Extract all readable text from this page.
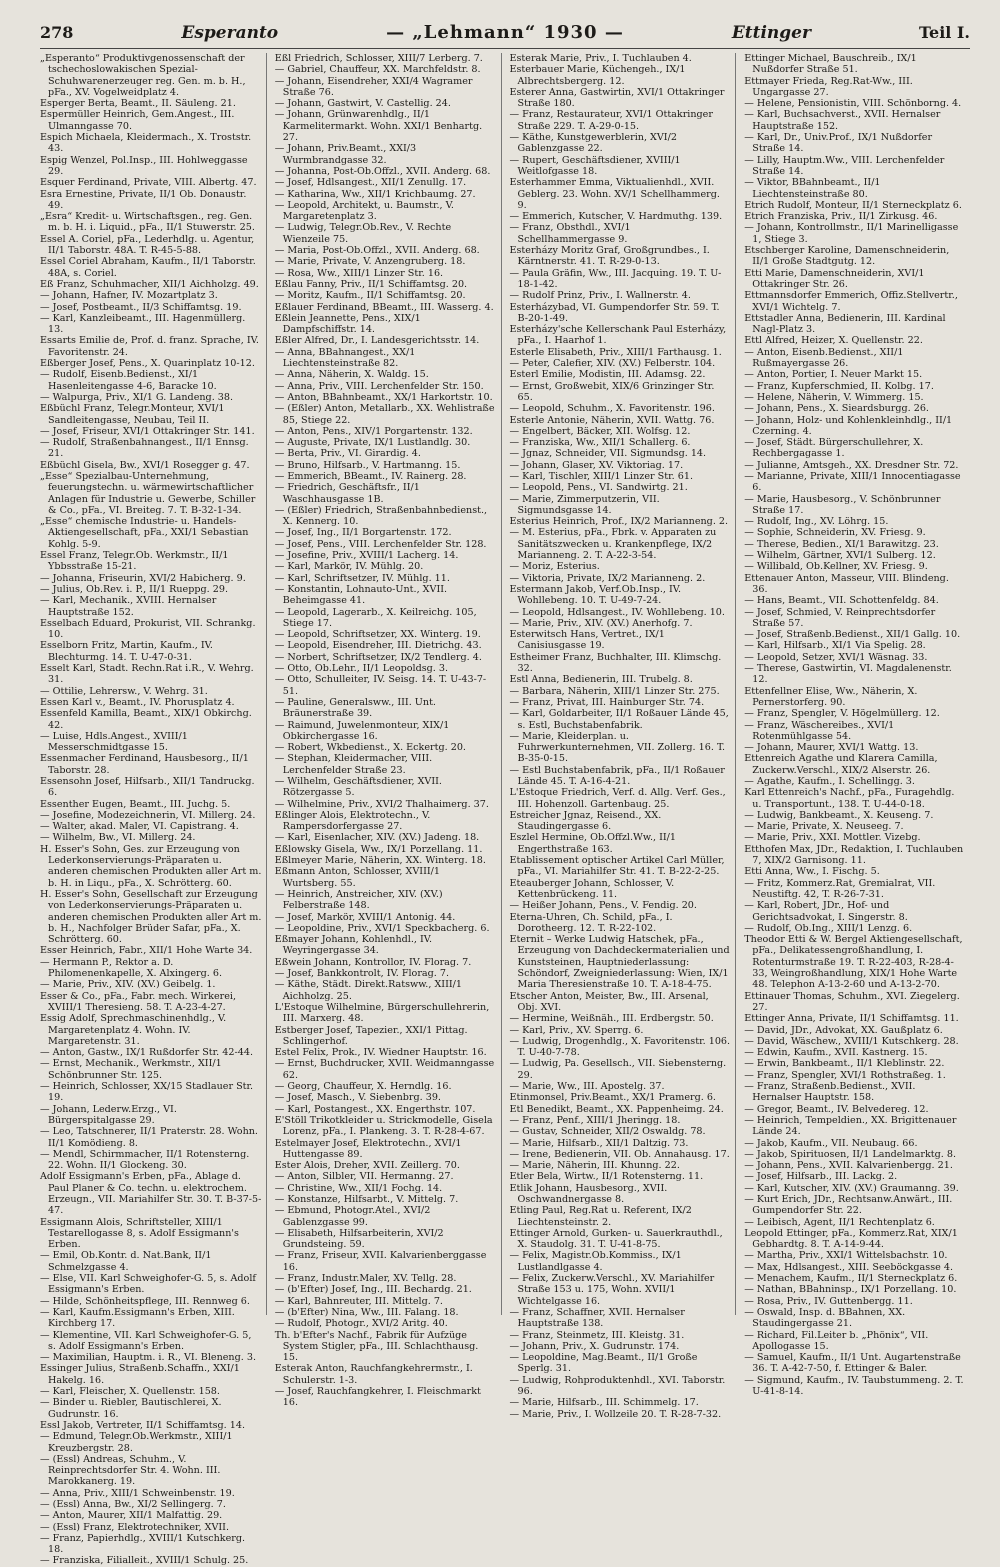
278	Esperanto	— „Lehmann“ 1930 —	Ettinger	Teil I.

„Esperanto“ Produktivgenossenschaft der tschechoslowakischen Spezial-Schuhwarenerzeuger reg. Gen. m. b. H., pFa., XV. Vogelweidplatz 4.

Esperger Berta, Beamt., II. Säuleng. 21.

Espermüller Heinrich, Gem.Angest., III. Ulmanngasse 70.

Espich Michaela, Kleidermach., X. Troststr. 43.

Espig Wenzel, Pol.Insp., III. Hohlweggasse 29.

Esquer Ferdinand, Private, VIII. Albertg. 47.

Esra Ernestine, Private, II/1 Ob. Donaustr. 49.

„Esra“ Kredit- u. Wirtschaftsgen., reg. Gen. m. b. H. i. Liquid., pFa., II/1 Stuwerstr. 25.

Essel A. Coriel, pFa., Lederhdlg. u. Agentur, II/1 Taborstr. 48A. T. R-45-5-88.

Essel Coriel Abraham, Kaufm., II/1 Taborstr. 48A, s. Coriel.

Eß Franz, Schuhmacher, XII/1 Aichholzg. 49.

— Johann, Hafner, IV. Mozartplatz 3.

— Josef, Postbeamt., II/3 Schiffamtsg. 19.

— Karl, Kanzleibeamt., III. Hagenmüllerg. 13.

Essarts Emilie de, Prof. d. franz. Sprache, IV. Favoritenstr. 24.

Eßberger Josef, Pens., X. Quarinplatz 10-12.

— Rudolf, Eisenb.Bedienst., XI/1 Hasenleitengasse 4-6, Baracke 10.

— Walpurga, Priv., XI/1 G. Landeng. 38.

Eßbüchl Franz, Telegr.Monteur, XVI/1 Sandleitengasse, Neubau, Teil II.

— Josef, Friseur, XVI/1 Ottakringer Str. 141.

— Rudolf, Straßenbahnangest., II/1 Ennsg. 21.

Eßbüchl Gisela, Bw., XVI/1 Rosegger g. 47.

„Esse“ Spezialbau-Unternehmung, feuerungstechn. u. wärmewirtschaftlicher Anlagen für Industrie u. Gewerbe, Schiller & Co., pFa., VI. Breiteg. 7. T. B-32-1-34.

„Esse“ chemische Industrie- u. Handels-Aktiengesellschaft, pFa., XXI/1 Sebastian Kohlg. 5-9.

Essel Franz, Telegr.Ob. Werkmstr., II/1 Ybbsstraße 15-21.

— Johanna, Friseurin, XVI/2 Habicherg. 9.

— Julius, Ob.Rev. i. P., II/1 Rueppg. 29.

— Karl, Mechanik., XVIII. Hernalser Hauptstraße 152.

Esselbach Eduard, Prokurist, VII. Schrankg. 10.

Esselborn Fritz, Martin, Kaufm., IV. Blechturmg. 14. T. U-47-0-31.

Esselt Karl, Stadt. Rechn.Rat i.R., V. Wehrg. 31.

— Ottilie, Lehrersw., V. Wehrg. 31.

Essen Karl v., Beamt., IV. Phorusplatz 4.

Essenfeld Kamilla, Beamt., XIX/1 Obkirchg. 42.

— Luise, Hdls.Angest., XVIII/1 Messerschmidtgasse 15.

Essenmacher Ferdinand, Hausbesorg., II/1 Taborstr. 28.

Essensohn Josef, Hilfsarb., XII/1 Tandruckg. 6.

Essenther Eugen, Beamt., III. Juchg. 5.

— Josefine, Modezeichnerin, VI. Millerg. 24.

— Walter, akad. Maler, VI. Capistrang. 4.

— Wilhelm, Bw., VI. Millerg. 24.

H. Esser's Sohn, Ges. zur Erzeugung von Lederkonservierungs-Präparaten u. anderen chemischen Produkten aller Art m. b. H. in Liqu., pFa., X. Schrötterg. 60.

H. Esser's Sohn, Gesellschaft zur Erzeugung von Lederkonservierungs-Präparaten u. anderen chemischen Produkten aller Art m. b. H., Nachfolger Brüder Safar, pFa., X. Schrötterg. 60.

Esser Heinrich, Fabr., XII/1 Hohe Warte 34.

— Hermann P., Rektor a. D. Philomenenkapelle, X. Alxingerg. 6.

— Marie, Priv., XIV. (XV.) Geibelg. 1.

Esser & Co., pFa., Fabr. mech. Wirkerei, XVIII/1 Theresieng. 58. T. A-23-4-27.

Essig Adolf, Sprechmaschinenhdlg., V. Margaretenplatz 4. Wohn. IV. Margaretenstr. 31.

— Anton, Gastw., IX/1 Rußdorfer Str. 42-44.

— Ernst, Mechanik., Werkmstr., XII/1 Schönbrunner Str. 125.

— Heinrich, Schlosser, XX/15 Stadlauer Str. 19.

— Johann, Lederw.Erzg., VI. Bürgerspitalgasse 29.

— Leo, Tatschnerer, II/1 Praterstr. 28. Wohn. II/1 Komödieng. 8.

— Mendl, Schirmmacher, II/1 Rotensterng. 22. Wohn. II/1 Glockeng. 30.

Adolf Essigmann's Erben, pFa., Ablage d. Paul Planer & Co. techn. u. elektrochem. Erzeugn., VII. Mariahilfer Str. 30. T. B-37-5-47.

Essigmann Alois, Schriftsteller, XIII/1 Testarellogasse 8, s. Adolf Essigmann's Erben.

— Emil, Ob.Kontr. d. Nat.Bank, II/1 Schmelzgasse 4.

— Else, VII. Karl Schweighofer-G. 5, s. Adolf Essigmann's Erben.

— Hilde, Schönheitspflege, III. Rennweg 6.

— Karl, Kaufm.Essigmann's Erben, XIII. Kirchberg 17.

— Klementine, VII. Karl Schweighofer-G. 5, s. Adolf Essigmann's Erben.

— Maximilian, Hauptm. i. R., VI. Bleneng. 3.

Essinger Julius, Straßenb.Schaffn., XXI/1 Hakelg. 16.

— Karl, Fleischer, X. Quellenstr. 158.

— Binder u. Riebler, Bautischlerei, X. Gudrunstr. 16.

Essl Jakob, Vertreter, II/1 Schiffamtsg. 14.

— Edmund, Telegr.Ob.Werkmstr., XIII/1 Kreuzbergstr. 28.

— (Essl) Andreas, Schuhm., V. Reinprechtsdorfer Str. 4. Wohn. III. Marokkanerg. 19.

— Anna, Priv., XIII/1 Schweinbenstr. 19.

— (Essl) Anna, Bw., XI/2 Sellingerg. 7.

— Anton, Maurer, XII/1 Malfattig. 29.

— (Essl) Franz, Elektrotechniker, XVII.

— Franz, Papierhdlg., XVIII/1 Kutschkerg. 18.

— Franziska, Filialleit., XVIII/1 Schulg. 25.

Eßl Friedrich, Schlosser, XIII/7 Lerberg. 7.

— Gabriel, Chauffeur, XX. Marchfeldstr. 8.

— Johann, Eisendreher, XXI/4 Wagramer Straße 76.

— Johann, Gastwirt, V. Castellig. 24.

— Johann, Grünwarenhdlg., II/1 Karmelitermarkt. Wohn. XXI/1 Benhartg. 27.

— Johann, Priv.Beamt., XXI/3 Wurmbrandgasse 32.

— Johanna, Post-Ob.Offzl., XVII. Anderg. 68.

— Josef, Hdlsangest., XII/1 Zenullg. 17.

— Katharina, Ww., XII/1 Krichbaumg. 27.

— Leopold, Architekt, u. Baumstr., V. Margaretenplatz 3.

— Ludwig, Telegr.Ob.Rev., V. Rechte Wienzeile 75.

— Maria, Post-Ob.Offzl., XVII. Anderg. 68.

— Marie, Private, V. Anzengruberg. 18.

— Rosa, Ww., XIII/1 Linzer Str. 16.

Eßlau Fanny, Priv., II/1 Schiffamtsg. 20.

— Moritz, Kaufm., II/1 Schiffamtsg. 20.

Eßlauer Ferdinand, BBeamt., III. Wasserg. 4.

Eßlein Jeannette, Pens., XIX/1 Dampfschiffstr. 14.

Eßler Alfred, Dr., I. Landesgerichtsstr. 14.

— Anna, BBahnangest., XX/1 Liechtensteinstraße 82.

— Anna, Näherin, X. Waldg. 15.

— Anna, Priv., VIII. Lerchenfelder Str. 150.

— Anton, BBahnbeamt., XX/1 Harkortstr. 10.

— (Eßler) Anton, Metallarb., XX. Wehlistraße 85, Stiege 22.

— Anton, Pens., XIV/1 Porgartenstr. 132.

— Auguste, Private, IX/1 Lustlandlg. 30.

— Berta, Priv., VI. Girardig. 4.

— Bruno, Hilfsarb., V. Hartmanng. 15.

— Emmerich, BBeamt., IV. Rainerg. 28.

— Friedrich, Geschäftsfr., II/1 Waschhausgasse 1B.

— (Eßler) Friedrich, Straßenbahnbedienst., X. Kennerg. 10.

— Josef, Ing., II/1 Borgartenstr. 172.

— Josef, Pens., VIII. Lerchenfelder Str. 128.

— Josefine, Priv., XVIII/1 Lacherg. 14.

— Karl, Markör, IV. Mühlg. 20.

— Karl, Schriftsetzer, IV. Mühlg. 11.

— Konstantin, Lohnauto-Unt., XVII. Beheimgasse 41.

— Leopold, Lagerarb., X. Keilreichg. 105, Stiege 17.

— Leopold, Schriftsetzer, XX. Winterg. 19.

— Leopold, Eisendreher, III. Dietrichg. 43.

— Norbert, Schriftsetzer, IX/2 Tendlerg. 4.

— Otto, Ob.Lehr., II/1 Leopoldsg. 3.

— Otto, Schulleiter, IV. Seisg. 14. T. U-43-7-51.

— Pauline, Generalsww., III. Unt. Bräunerstraße 39.

— Raimund, Juwelenmonteur, XIX/1 Obkirchergasse 16.

— Robert, Wkbedienst., X. Eckertg. 20.

— Stephan, Kleidermacher, VIII. Lerchenfelder Straße 23.

— Wilhelm, Geschäftsdiener, XVII. Rötzergasse 5.

— Wilhelmine, Priv., XVI/2 Thalhaimerg. 37.

Eßlinger Alois, Elektrotechn., V. Rampersdorfergasse 27.

— Karl, Eisenlacher, XIV. (XV.) Jadeng. 18.

Eßlowsky Gisela, Ww., IX/1 Porzellang. 11.

Eßlmeyer Marie, Näherin, XX. Winterg. 18.

Eßmann Anton, Schlosser, XVIII/1 Wurtsberg. 55.

— Heinrich, Anstreicher, XIV. (XV.) Felberstraße 148.

— Josef, Markör, XVIII/1 Antonig. 44.

— Leopoldine, Priv., XVI/1 Speckbacherg. 6.

Eßmayer Johann, Kohlenhdl., IV. Weyringergasse 34.

Eßwein Johann, Kontrollor, IV. Florag. 7.

— Josef, Bankkontrolt, IV. Florag. 7.

— Käthe, Städt. Direkt.Ratsww., XIII/1 Aichholzg. 25.

L'Estoque Wilhelmine, Bürgerschullehrerin, III. Marxerg. 48.

Estberger Josef, Tapezier., XXI/1 Pittag. Schlingerhof.

Estel Felix, Prok., IV. Wiedner Hauptstr. 16.

— Ernst, Buchdrucker, XVII. Weidmanngasse 62.

— Georg, Chauffeur, X. Herndlg. 16.

— Josef, Masch., V. Siebenbrg. 39.

— Karl, Postangest., XX. Engerthstr. 107.

E'Stöll Trikotkleider u. Strickmodelle, Gisela Lorenz, pFa., I. Plankeng. 3. T. R-28-4-67.

Estelmayer Josef, Elektrotechn., XVI/1 Huttengasse 89.

Ester Alois, Dreher, XVII. Zeillerg. 70.

— Anton, Silbler, VII. Hermanng. 27.

— Christine, Ww., XII/1 Fochg. 14.

— Konstanze, Hilfsarbt., V. Mittelg. 7.

— Ebmund, Photogr.Atel., XVI/2 Gablenzgasse 99.

— Elisabeth, Hilfsarbeiterin, XVI/2 Grundsteing. 59.

— Franz, Friseur, XVII. Kalvarienberggasse 16.

— Franz, Industr.Maler, XV. Tellg. 28.

— (b'Efter) Josef, Ing., III. Bechardg. 21.

— Karl, Bahnreuter, III. Mittelg. 7.

— (b'Efter) Nina, Ww., III. Falang. 18.

— Rudolf, Photogr., XVI/2 Aritg. 40.

Th. b'Efter's Nachf., Fabrik für Aufzüge System Stigler, pFa., III. Schlachthausg. 15.

Esterak Anton, Rauchfangkehrermstr., I. Schulerstr. 1-3.

— Josef, Rauchfangkehrer, I. Fleischmarkt 16.

Esterak Marie, Priv., I. Tuchlauben 4.

Esterbauer Marie, Küchengeh., IX/1 Albrechtsbergerg. 12.

Esterer Anna, Gastwirtin, XVI/1 Ottakringer Straße 180.

— Franz, Restaurateur, XVI/1 Ottakringer Straße 229. T. A-29-0-15.

— Käthe, Kunstgewerblerin, XVI/2 Gablenzgasse 22.

— Rupert, Geschäftsdiener, XVIII/1 Weitlofgasse 18.

Esterhammer Emma, Viktualienhdl., XVII. Geblerg. 23. Wohn. XV/1 Schellhammerg. 9.

— Emmerich, Kutscher, V. Hardmuthg. 139.

— Franz, Obsthdl., XVI/1 Schellhammergasse 9.

Esterházy Moritz Graf, Großgrundbes., I. Kärntnerstr. 41. T. R-29-0-13.

— Paula Gräfin, Ww., III. Jacquing. 19. T. U-18-1-42.

— Rudolf Prinz, Priv., I. Wallnerstr. 4.

Esterházybad, VI. Gumpendorfer Str. 59. T. B-20-1-49.

Esterházy'sche Kellerschank Paul Esterházy, pFa., I. Haarhof 1.

Esterle Elisabeth, Priv., XIII/1 Farthausg. 1.

— Peter, Calefier, XIV. (XV.) Felberstr. 104.

Esterl Emilie, Modistin, III. Adamsg. 22.

— Ernst, Großwebit, XIX/6 Grinzinger Str. 65.

— Leopold, Schuhm., X. Favoritenstr. 196.

Esterle Antonie, Näherin, XVII. Wattg. 76.

— Engelbert, Bäcker, XII. Wolfsg. 12.

— Franziska, Ww., XII/1 Schallerg. 6.

— Jgnaz, Schneider, VII. Sigmundsg. 14.

— Johann, Glaser, XV. Viktoriag. 17.

— Karl, Tischler, XIII/1 Linzer Str. 61.

— Leopold, Pens., VI. Sandwirtg. 21.

— Marie, Zimmerputzerin, VII. Sigmundsgasse 14.

Esterius Heinrich, Prof., IX/2 Marianneng. 2.

— M. Esterius, pFa., Fbrk. v. Apparaten zu Sanitätszwecken u. Krankenpflege, IX/2 Marianneng. 2. T. A-22-3-54.

— Moriz, Esterius.

— Viktoria, Private, IX/2 Marianneng. 2.

Estermann Jakob, Verf.Ob.Insp., IV. Wohllebeng. 10. T. U-49-7-24.

— Leopold, Hdlsangest., IV. Wohllebeng. 10.

— Marie, Priv., XIV. (XV.) Anerhofg. 7.

Esterwitsch Hans, Vertret., IX/1 Canisiusgasse 19.

Estheimer Franz, Buchhalter, III. Klimschg. 32.

Estl Anna, Bedienerin, III. Trubelg. 8.

— Barbara, Näherin, XIII/1 Linzer Str. 275.

— Franz, Privat, III. Hainburger Str. 74.

— Karl, Goldarbeiter, II/1 Roßauer Lände 45, s. Estl, Buchstabenfabrik.

— Marie, Kleiderplan. u. Fuhrwerkunternehmen, VII. Zollerg. 16. T. B-35-0-15.

— Estl Buchstabenfabrik, pFa., II/1 Roßauer Lände 45. T. A-16-4-21.

L'Estoque Friedrich, Verf. d. Allg. Verf. Ges., III. Hohenzoll. Gartenbaug. 25.

Estreicher Jgnaz, Reisend., XX. Staudingergasse 6.

Eszlel Hermine, Ob.Offzl.Ww., II/1 Engerthstraße 163.

Etablissement optischer Artikel Carl Müller, pFa., VI. Mariahilfer Str. 41. T. B-22-2-25.

Eteauberger Johann, Schlosser, V. Kettenbrückeng. 11.

— Heißer Johann, Pens., V. Fendig. 20.

Eterna-Uhren, Ch. Schild, pFa., I. Dorotheerg. 12. T. R-22-102.

Eternit – Werke Ludwig Hatschek, pFa., Erzeugung von Dachdeckermaterialien und Kunststeinen, Hauptniederlassung: Schöndorf, Zweigniederlassung: Wien, IX/1 Maria Theresienstraße 10. T. A-18-4-75.

Etscher Anton, Meister, Bw., III. Arsenal, Obj. XVI.

— Hermine, Weißnäh., III. Erdbergstr. 50.

— Karl, Priv., XV. Sperrg. 6.

— Ludwig, Drogenhdlg., X. Favoritenstr. 106. T. U-40-7-78.

— Ludwig, Pa. Gesellsch., VII. Siebensterng. 29.

— Marie, Ww., III. Apostelg. 37.

Etinmonsel, Priv.Beamt., XX/1 Pramerg. 6.

Etl Benedikt, Beamt., XX. Pappenheimg. 24.

— Franz, Penf., XIII/1 Jheringg. 18.

— Gustav, Schneider, XII/2 Oswaldg. 78.

— Marie, Hilfsarb., XII/1 Daltzig. 73.

— Irene, Bedienerin, VII. Ob. Annahausg. 17.

— Marie, Näherin, III. Khunng. 22.

Etler Bela, Wirtw., II/1 Rotensterng. 11.

Etlik Johann, Hausbesorg., XVII. Oschwandnergasse 8.

Etling Paul, Reg.Rat u. Referent, IX/2 Liechtensteinstr. 2.

Ettinger Arnold, Gurken- u. Sauerkrauthdl., X. Staudolg. 31. T. U-41-8-75.

— Felix, Magistr.Ob.Kommiss., IX/1 Lustlandlgasse 4.

— Felix, Zuckerw.Verschl., XV. Mariahilfer Straße 153 u. 175, Wohn. XVII/1 Wichtelgasse 16.

— Franz, Schaffner, XVII. Hernalser Hauptstraße 138.

— Franz, Steinmetz, III. Kleistg. 31.

— Johann, Priv., X. Gudrunstr. 174.

— Leopoldine, Mag.Beamt., II/1 Große Sperlg. 31.

— Ludwig, Rohproduktenhdl., XVI. Taborstr. 96.

— Marie, Hilfsarb., III. Schimmelg. 17.

— Marie, Priv., I. Wollzeile 20. T. R-28-7-32.

Ettinger Michael, Bauschreib., IX/1 Nußdorfer Straße 51.

Ettmayer Frieda, Reg.Rat-Ww., III. Ungargasse 27.

— Helene, Pensionistin, VIII. Schönborng. 4.

— Karl, Buchsachverst., XVII. Hernalser Hauptstraße 152.

— Karl, Dr., Univ.Prof., IX/1 Nußdorfer Straße 14.

— Lilly, Hauptm.Ww., VIII. Lerchenfelder Straße 14.

— Viktor, BBahnbeamt., II/1 Liechtensteinstraße 80.

Etrich Rudolf, Monteur, II/1 Sterneckplatz 6.

Etrich Franziska, Priv., II/1 Zirkusg. 46.

— Johann, Kontrollmstr., II/1 Marinelligasse 1, Stiege 3.

Etschberger Karoline, Damenschneiderin, II/1 Große Stadtgutg. 12.

Etti Marie, Damenschneiderin, XVI/1 Ottakringer Str. 26.

Ettmannsdorfer Emmerich, Offiz.Stellvertr., XVI/1 Wichtelg. 7.

Ettstadler Anna, Bedienerin, III. Kardinal Nagl-Platz 3.

Ettl Alfred, Heizer, X. Quellenstr. 22.

— Anton, Eisenb.Bedienst., XII/1 Rußmayergasse 26.

— Anton, Portier, I. Neuer Markt 15.

— Franz, Kupferschmied, II. Kolbg. 17.

— Helene, Näherin, V. Wimmerg. 15.

— Johann, Pens., X. Sieardsburgg. 26.

— Johann, Holz- und Kohlenkleinhdlg., II/1 Czerning. 4.

— Josef, Städt. Bürgerschullehrer, X. Rechbergagasse 1.

— Julianne, Amtsgeh., XX. Dresdner Str. 72.

— Marianne, Private, XIII/1 Innocentiagasse 6.

— Marie, Hausbesorg., V. Schönbrunner Straße 17.

— Rudolf, Ing., XV. Löhrg. 15.

— Sophie, Schneiderin, XV. Friesg. 9.

— Therese, Bedien., XI/1 Barawitzg. 23.

— Wilhelm, Gärtner, XVI/1 Sulberg. 12.

— Willibald, Ob.Kellner, XV. Friesg. 9.

Ettenauer Anton, Masseur, VIII. Blindeng. 36.

— Hans, Beamt., VII. Schottenfeldg. 84.

— Josef, Schmied, V. Reinprechtsdorfer Straße 57.

— Josef, Straßenb.Bedienst., XII/1 Gallg. 10.

— Karl, Hilfsarb., XI/1 Via Spelig. 28.

— Leopold, Setzer, XVI/1 Wäsnag. 33.

— Therese, Gastwirtin, VI. Magdalenenstr. 12.

Ettenfellner Elise, Ww., Näherin, X. Pernerstorferg. 90.

— Franz, Spengler, V. Högelmüllerg. 12.

— Franz, Wäschereibes., XVI/1 Rotenmühlgasse 54.

— Johann, Maurer, XVI/1 Wattg. 13.

Ettenreich Agathe und Klarera Camilla, Zuckerw.Verschl., XIX/2 Alserstr. 26.

— Agathe, Kaufm., I. Schellingg. 3.

Karl Ettenreich's Nachf., pFa., Furagehdlg. u. Transportunt., 138. T. U-44-0-18.

— Ludwig, Bankbeamt., X. Keuseng. 7.

— Marie, Private, X. Neuseeg. 7.

— Marie, Priv., XXI. Mottler. Vizebg.

Etthofen Max, JDr., Redaktion, I. Tuchlauben 7, XIX/2 Garnisong. 11.

Etti Anna, Ww., I. Fischg. 5.

— Fritz, Kommerz.Rat, Gremialrat, VII. Neustiftg. 42, T. R-26-7-31.

— Karl, Robert, JDr., Hof- und Gerichtsadvokat, I. Singerstr. 8.

— Rudolf, Ob.Ing., XIII/1 Lenzg. 6.

Theodor Etti & W. Bergel Aktiengesellschaft, pFa., Delikatessengroßhandlung, I. Rotenturmstraße 19. T. R-22-403, R-28-4-33, Weingroßhandlung, XIX/1 Hohe Warte 48. Telephon A-13-2-60 und A-13-2-70.

Ettinauer Thomas, Schuhm., XVI. Ziegelerg. 27.

Ettinger Anna, Private, II/1 Schiffamtsg. 11.

— David, JDr., Advokat, XX. Gaußplatz 6.

— David, Wäschew., XVIII/1 Kutschkerg. 28.

— Edwin, Kaufm., XVII. Kastnerg. 15.

— Erwin, Bankbeamt., II/1 Kleblinstr. 22.

— Franz, Spengler, XVI/1 Rothstraßeg. 1.

— Franz, Straßenb.Bedienst., XVII. Hernalser Hauptstr. 158.

— Gregor, Beamt., IV. Belvedereg. 12.

— Heinrich, Tempeldien., XX. Brigittenauer Lände 24.

— Jakob, Kaufm., VII. Neubaug. 66.

— Jakob, Spirituosen, II/1 Landelmarktg. 8.

— Johann, Pens., XVII. Kalvarienbergg. 21.

— Josef, Hilfsarb., III. Lackg. 2.

— Karl, Kutscher, XIV. (XV.) Graumanng. 39.

— Kurt Erich, JDr., Rechtsanw.Anwärt., III. Gumpendorfer Str. 22.

— Leibisch, Agent, II/1 Rechtenplatz 6.

Leopold Ettinger, pFa., Kommerz.Rat, XIX/1 Gebhardtg. 8. T. A-14-9-44.

— Martha, Priv., XXI/1 Wittelsbachstr. 10.

— Max, Hdlsangest., XIII. Seeböckgasse 4.

— Menachem, Kaufm., II/1 Sterneckplatz 6.

— Nathan, BBahninsp., IX/1 Porzellang. 10.

— Rosa, Priv., IV. Guttenbergg. 11.

— Oswald, Insp. d. BBahnen, XX. Staudingergasse 21.

— Richard, Fil.Leiter b. „Phönix“, VII. Apollogasse 15.

— Samuel, Kaufm., II/1 Unt. Augartenstraße 36. T. A-42-7-50, f. Ettinger & Baler.

— Sigmund, Kaufm., IV. Taubstummeng. 2. T. U-41-8-14.
